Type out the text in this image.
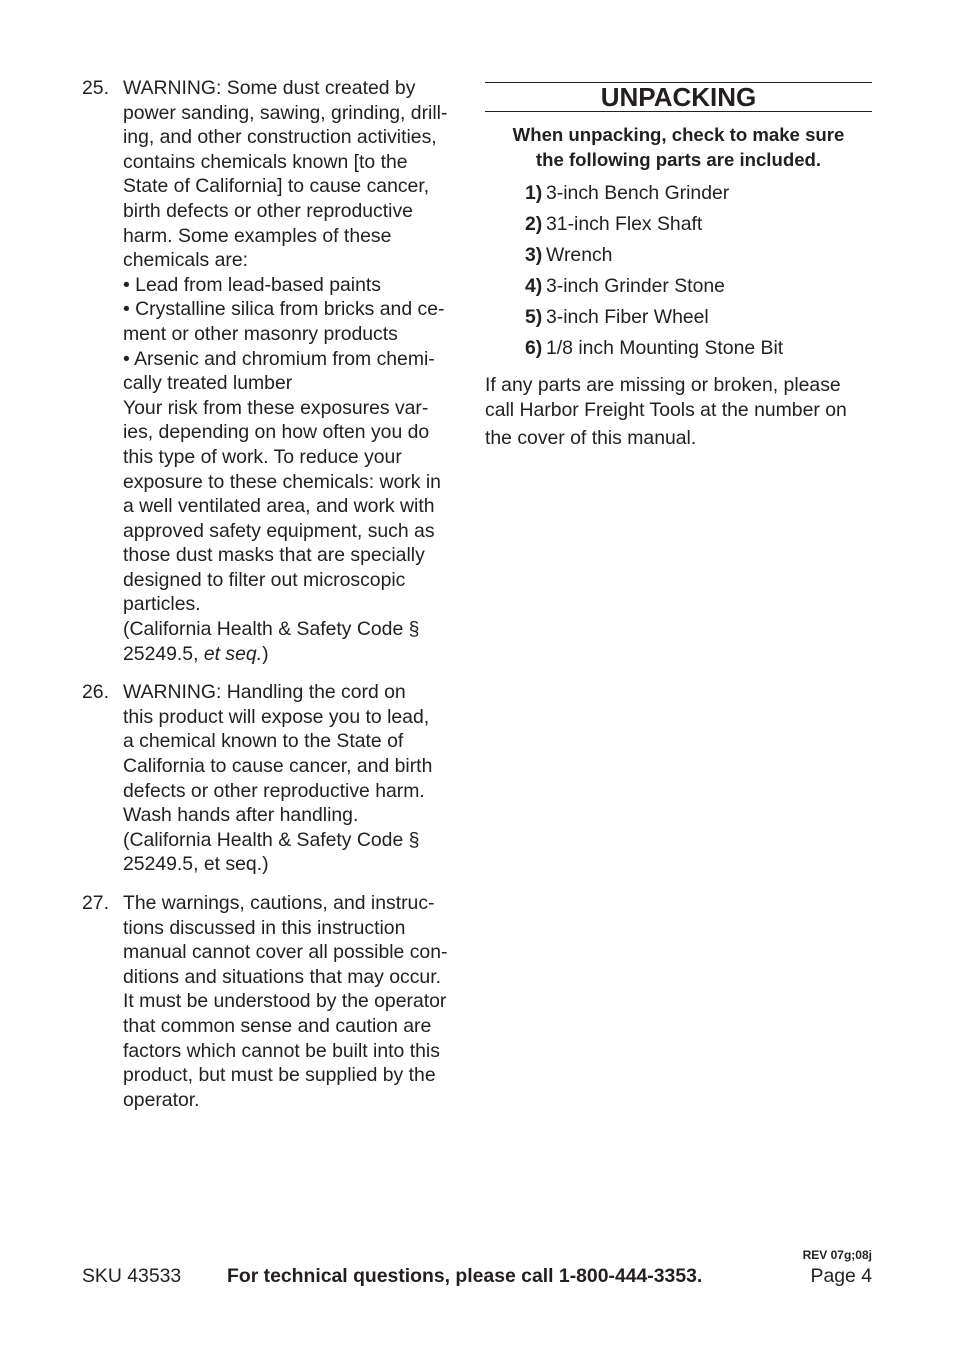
25. WARNING: Some dust created by
power sanding, sawing, grinding, drill-
ing, and other construction activities,
contains chemicals known [to the
State of California] to cause cancer,
birth defects or other reproductive
harm. Some examples of these
chemicals are:
• Lead from lead-based paints
• Crystalline silica from bricks and ce-
ment or other masonry products
• Arsenic and chromium from chemi-
cally treated lumber
Your risk from these exposures var-
ies, depending on how often you do
this type of work. To reduce your
exposure to these chemicals: work in
a well ventilated area, and work with
approved safety equipment, such as
those dust masks that are specially
designed to filter out microscopic
particles.
(California Health & Safety Code §
25249.5, et seq.)
26. WARNING: Handling the cord on
this product will expose you to lead,
a chemical known to the State of
California to cause cancer, and birth
defects or other reproductive harm.
Wash hands after handling.
(California Health & Safety Code §
25249.5, et seq.)
27. The warnings, cautions, and instruc-
tions discussed in this instruction
manual cannot cover all possible con-
ditions and situations that may occur.
It must be understood by the operator
that common sense and caution are
factors which cannot be built into this
product, but must be supplied by the
operator.
UNPACKING
When unpacking, check to make sure
the following parts are included.
1) 3-inch Bench Grinder
2) 31-inch Flex Shaft
3) Wrench
4) 3-inch Grinder Stone
5) 3-inch Fiber Wheel
6) 1/8 inch Mounting Stone Bit
If any parts are missing or broken, please
call Harbor Freight Tools at the number on
the cover of this manual.
REV 07g;08j
SKU 43533 For technical questions, please call 1-800-444-3353.	Page 4
